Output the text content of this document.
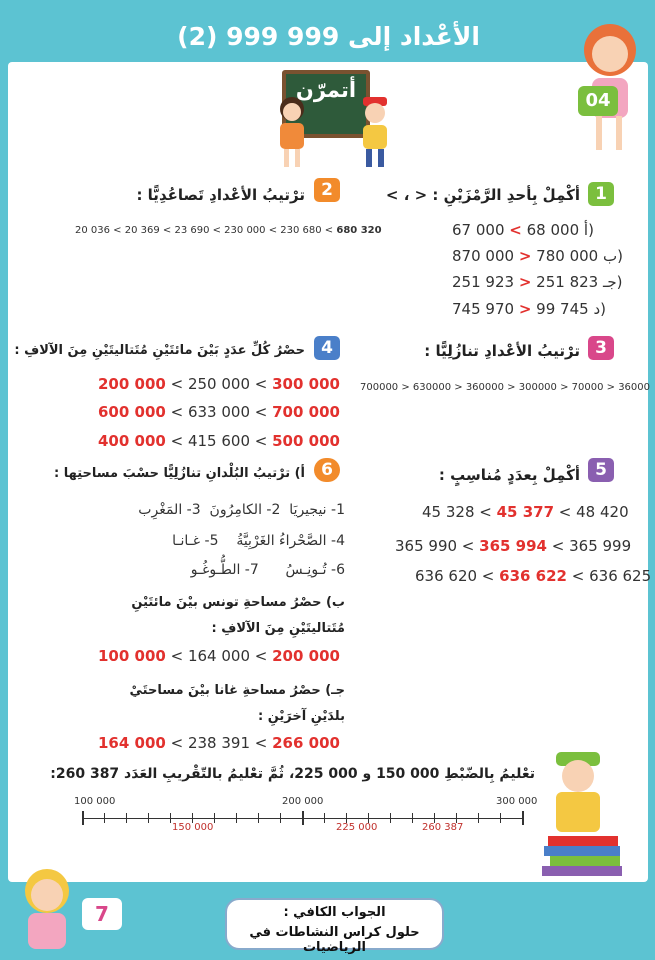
الأعْداد إلى 999 999 (2)
04
أتمرّن
1
أكْمِلْ بِأحدِ الرَّمْزَيْنِ : < ، >
67 000 < 68 000 أ)
870 000 > 780 000 ب)
251 923 > 251 823 جـ)
745 970 > 99 745 د)
2
ترْتيبُ الأعْدادِ تَصاعُدِيًّا :
20 036 < 20 369 < 23 690 < 230 000 < 230 680 < 680 320
3
ترْتيبُ الأعْدادِ تنازُلِيًّا :
700000 > 630000 > 360000 > 300000 > 70000 > 36000
4
حصْرُ كُلِّ عدَدٍ بَيْنَ مائتَيْنِ مُتَتاليتَيْنِ مِنَ الآلافِ :
200 000 < 250 000 < 300 000
600 000 < 633 000 < 700 000
400 000 < 415 600 < 500 000
5
أكْمِلْ بِعدَدٍ مُناسِبٍ :
45 328 < 45 377 < 48 420
365 990 < 365 994 < 365 999
636 620 < 636 622 < 636 625
6
أ) ترْتيبُ البُلْدانِ تنازُلِيًّا حسْبَ مساحتِها :
1- نيجيريَا  2- الكامِرُونَ  3- المَغْرِب
4- الصَّحْراءُ الغَرْبِيَّةُ    5- غـانـا
6- تُـونِـسُ      7- الطُّـوغُـو
ب) حصْرُ مساحةِ تونس بيْنَ مائتَيْنِ مُتَتاليتَيْنِ مِنَ الآلافِ :
100 000 < 164 000 < 200 000
جـ) حصْرُ مساحةِ غانا بيْنَ مساحتَيْ بلدَيْنِ آخرَيْنِ :
164 000 < 238 391 < 266 000
تعْليمُ بِالضّبْطِ 000 150 و 000 225، ثُمَّ تعْليمُ بالتّقْريبِ العَدَد 387 260:
100 000	200 000	300 000
150 000	225 000	260 387
7	الجواب الكافي :
حلول كراس النشاطات في الرياضيات
